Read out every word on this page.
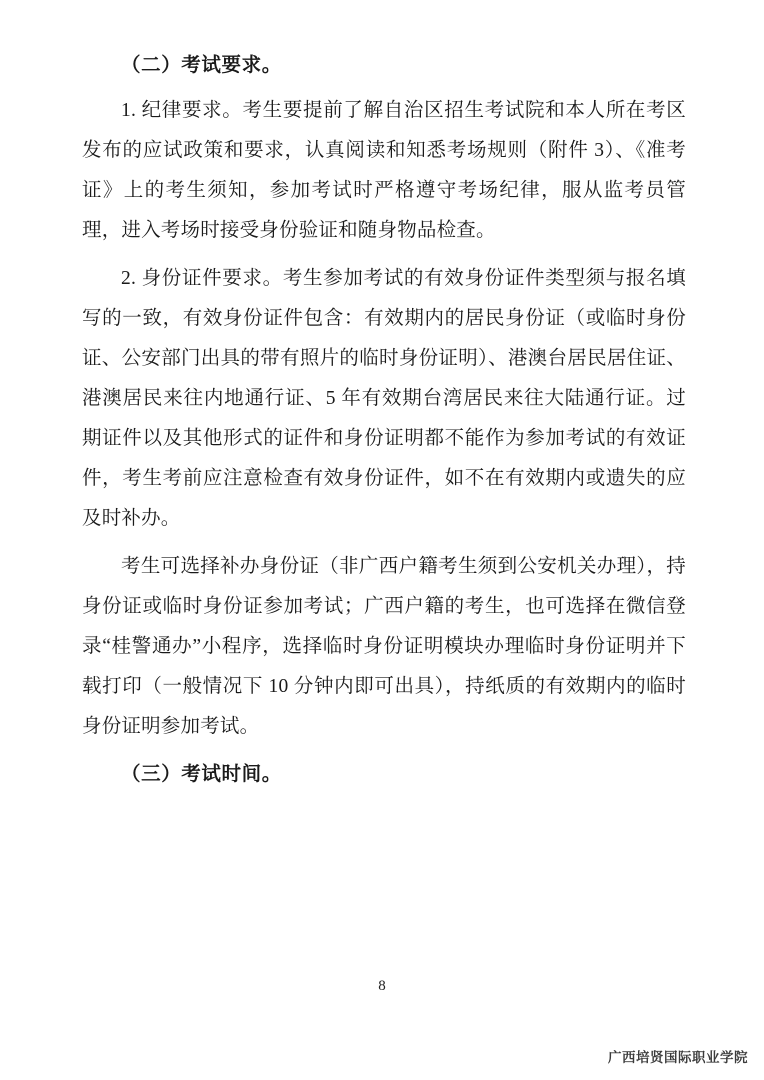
（二）考试要求。

1. 纪律要求。考生要提前了解自治区招生考试院和本人所在考区发布的应试政策和要求，认真阅读和知悉考场规则（附件 3）、《准考证》上的考生须知，参加考试时严格遵守考场纪律，服从监考员管理，进入考场时接受身份验证和随身物品检查。

2. 身份证件要求。考生参加考试的有效身份证件类型须与报名填写的一致，有效身份证件包含：有效期内的居民身份证（或临时身份证、公安部门出具的带有照片的临时身份证明）、港澳台居民居住证、港澳居民来往内地通行证、5 年有效期台湾居民来往大陆通行证。过期证件以及其他形式的证件和身份证明都不能作为参加考试的有效证件，考生考前应注意检查有效身份证件，如不在有效期内或遗失的应及时补办。

考生可选择补办身份证（非广西户籍考生须到公安机关办理），持身份证或临时身份证参加考试；广西户籍的考生，也可选择在微信登录“桂警通办”小程序，选择临时身份证明模块办理临时身份证明并下载打印（一般情况下 10 分钟内即可出具），持纸质的有效期内的临时身份证明参加考试。

（三）考试时间。

8
广西培贤国际职业学院
